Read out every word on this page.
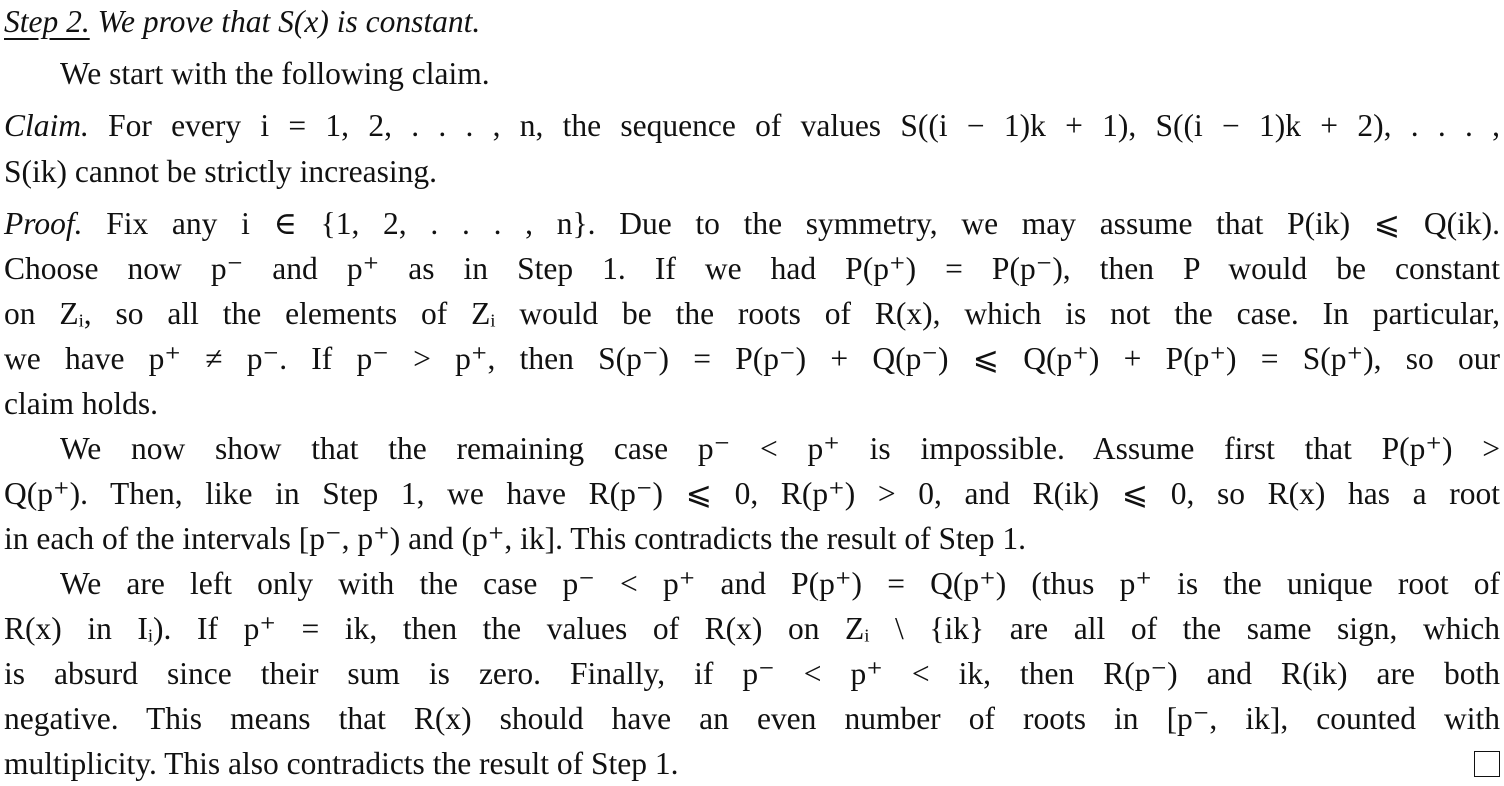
Step 2. We prove that S(x) is constant.
We start with the following claim.
Claim. For every i = 1, 2, . . . , n, the sequence of values S((i − 1)k + 1), S((i − 1)k + 2), . . . ,
S(ik) cannot be strictly increasing.
Proof. Fix any i ∈ {1, 2, . . . , n}. Due to the symmetry, we may assume that P(ik) ⩽ Q(ik).
Choose now p⁻ and p⁺ as in Step 1. If we had P(p⁺) = P(p⁻), then P would be constant
on Zᵢ, so all the elements of Zᵢ would be the roots of R(x), which is not the case. In particular,
we have p⁺ ≠ p⁻. If p⁻ > p⁺, then S(p⁻) = P(p⁻) + Q(p⁻) ⩽ Q(p⁺) + P(p⁺) = S(p⁺), so our
claim holds.
We now show that the remaining case p⁻ < p⁺ is impossible. Assume first that P(p⁺) >
Q(p⁺). Then, like in Step 1, we have R(p⁻) ⩽ 0, R(p⁺) > 0, and R(ik) ⩽ 0, so R(x) has a root
in each of the intervals [p⁻, p⁺) and (p⁺, ik]. This contradicts the result of Step 1.
We are left only with the case p⁻ < p⁺ and P(p⁺) = Q(p⁺) (thus p⁺ is the unique root of
R(x) in Iᵢ). If p⁺ = ik, then the values of R(x) on Zᵢ \ {ik} are all of the same sign, which
is absurd since their sum is zero. Finally, if p⁻ < p⁺ < ik, then R(p⁻) and R(ik) are both
negative. This means that R(x) should have an even number of roots in [p⁻, ik], counted with
multiplicity. This also contradicts the result of Step 1.
